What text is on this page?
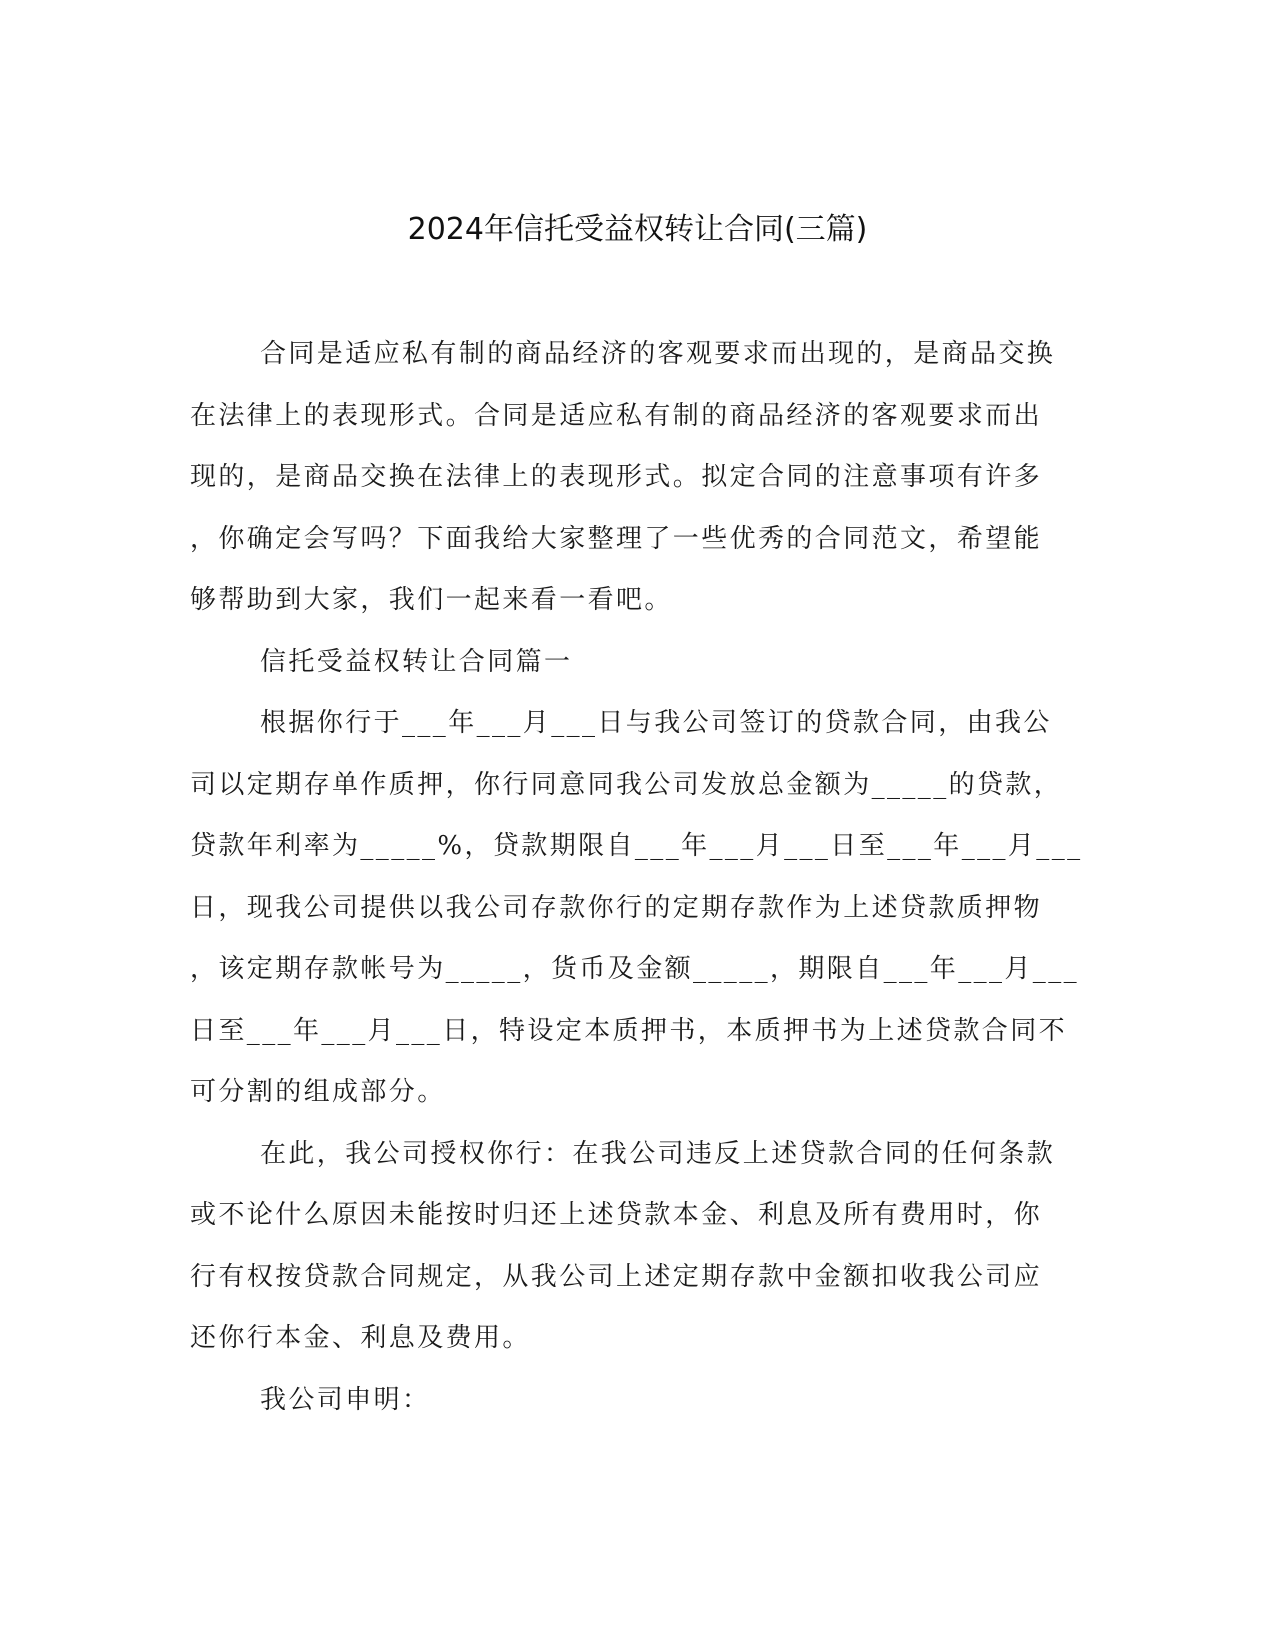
2024年信托受益权转让合同(三篇)
合同是适应私有制的商品经济的客观要求而出现的，是商品交换
在法律上的表现形式。合同是适应私有制的商品经济的客观要求而出
现的，是商品交换在法律上的表现形式。拟定合同的注意事项有许多
，你确定会写吗？下面我给大家整理了一些优秀的合同范文，希望能
够帮助到大家，我们一起来看一看吧。
信托受益权转让合同篇一
根据你行于___年___月___日与我公司签订的贷款合同，由我公
司以定期存单作质押，你行同意同我公司发放总金额为_____的贷款，
贷款年利率为_____%，贷款期限自___年___月___日至___年___月___
日，现我公司提供以我公司存款你行的定期存款作为上述贷款质押物
，该定期存款帐号为_____，货币及金额_____，期限自___年___月___
日至___年___月___日，特设定本质押书，本质押书为上述贷款合同不
可分割的组成部分。
在此，我公司授权你行：在我公司违反上述贷款合同的任何条款
或不论什么原因未能按时归还上述贷款本金、利息及所有费用时，你
行有权按贷款合同规定，从我公司上述定期存款中金额扣收我公司应
还你行本金、利息及费用。
我公司申明：
